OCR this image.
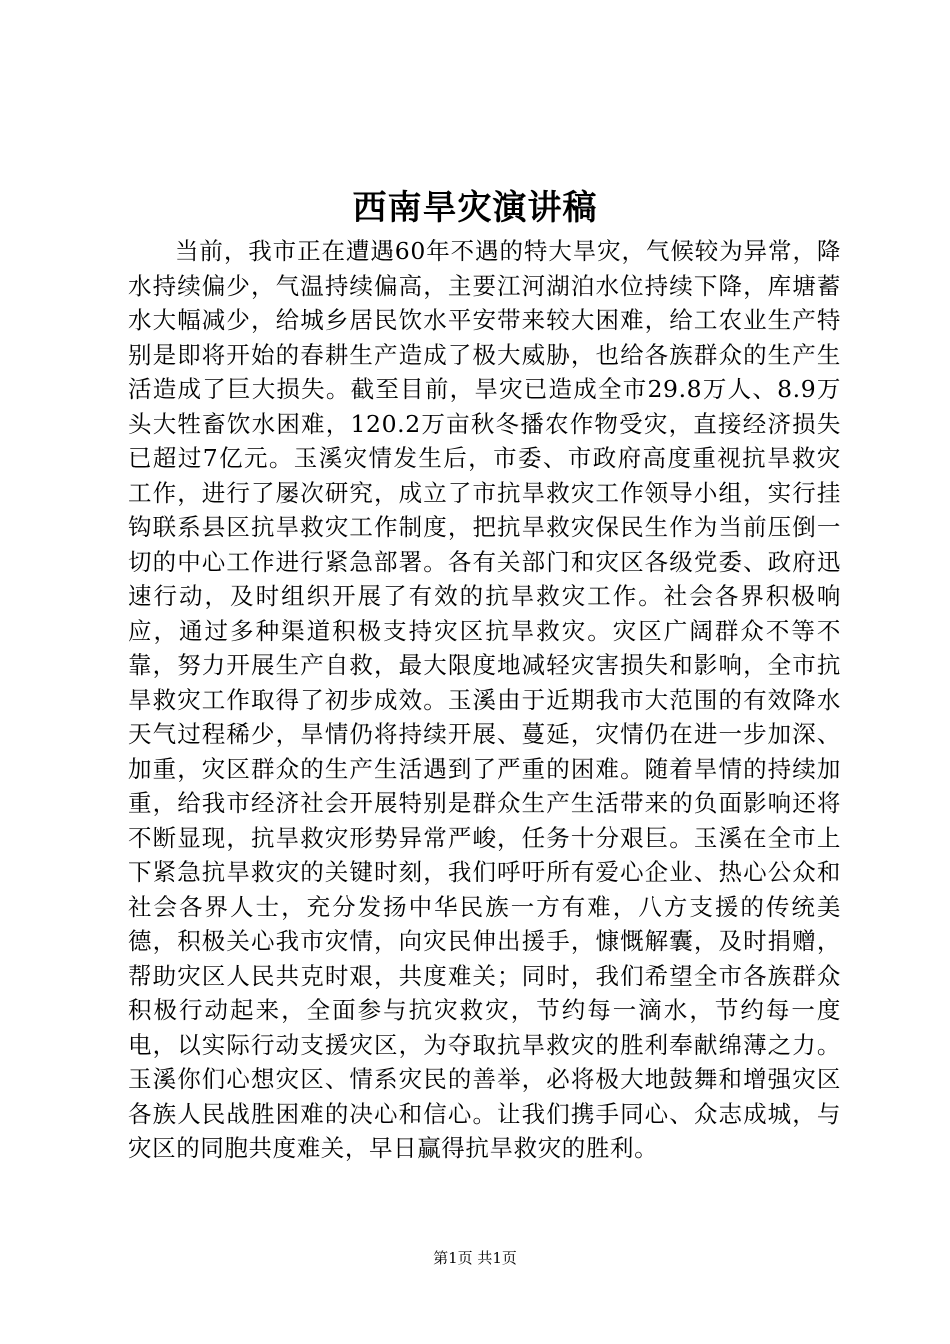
西南旱灾演讲稿

当前，我市正在遭遇60年不遇的特大旱灾，气候较为异常，降水持续偏少，气温持续偏高，主要江河湖泊水位持续下降，库塘蓄水大幅减少，给城乡居民饮水平安带来较大困难，给工农业生产特别是即将开始的春耕生产造成了极大威胁，也给各族群众的生产生活造成了巨大损失。截至目前，旱灾已造成全市29.8万人、8.9万头大牲畜饮水困难，120.2万亩秋冬播农作物受灾，直接经济损失已超过7亿元。玉溪灾情发生后，市委、市政府高度重视抗旱救灾工作，进行了屡次研究，成立了市抗旱救灾工作领导小组，实行挂钩联系县区抗旱救灾工作制度，把抗旱救灾保民生作为当前压倒一切的中心工作进行紧急部署。各有关部门和灾区各级党委、政府迅速行动，及时组织开展了有效的抗旱救灾工作。社会各界积极响应，通过多种渠道积极支持灾区抗旱救灾。灾区广阔群众不等不靠，努力开展生产自救，最大限度地减轻灾害损失和影响，全市抗旱救灾工作取得了初步成效。玉溪由于近期我市大范围的有效降水天气过程稀少，旱情仍将持续开展、蔓延，灾情仍在进一步加深、加重，灾区群众的生产生活遇到了严重的困难。随着旱情的持续加重，给我市经济社会开展特别是群众生产生活带来的负面影响还将不断显现，抗旱救灾形势异常严峻，任务十分艰巨。玉溪在全市上下紧急抗旱救灾的关键时刻，我们呼吁所有爱心企业、热心公众和社会各界人士，充分发扬中华民族一方有难，八方支援的传统美德，积极关心我市灾情，向灾民伸出援手，慷慨解囊，及时捐赠，帮助灾区人民共克时艰，共度难关；同时，我们希望全市各族群众积极行动起来，全面参与抗灾救灾，节约每一滴水，节约每一度电，以实际行动支援灾区，为夺取抗旱救灾的胜利奉献绵薄之力。玉溪你们心想灾区、情系灾民的善举，必将极大地鼓舞和增强灾区各族人民战胜困难的决心和信心。让我们携手同心、众志成城，与灾区的同胞共度难关，早日赢得抗旱救灾的胜利。

第1页 共1页
